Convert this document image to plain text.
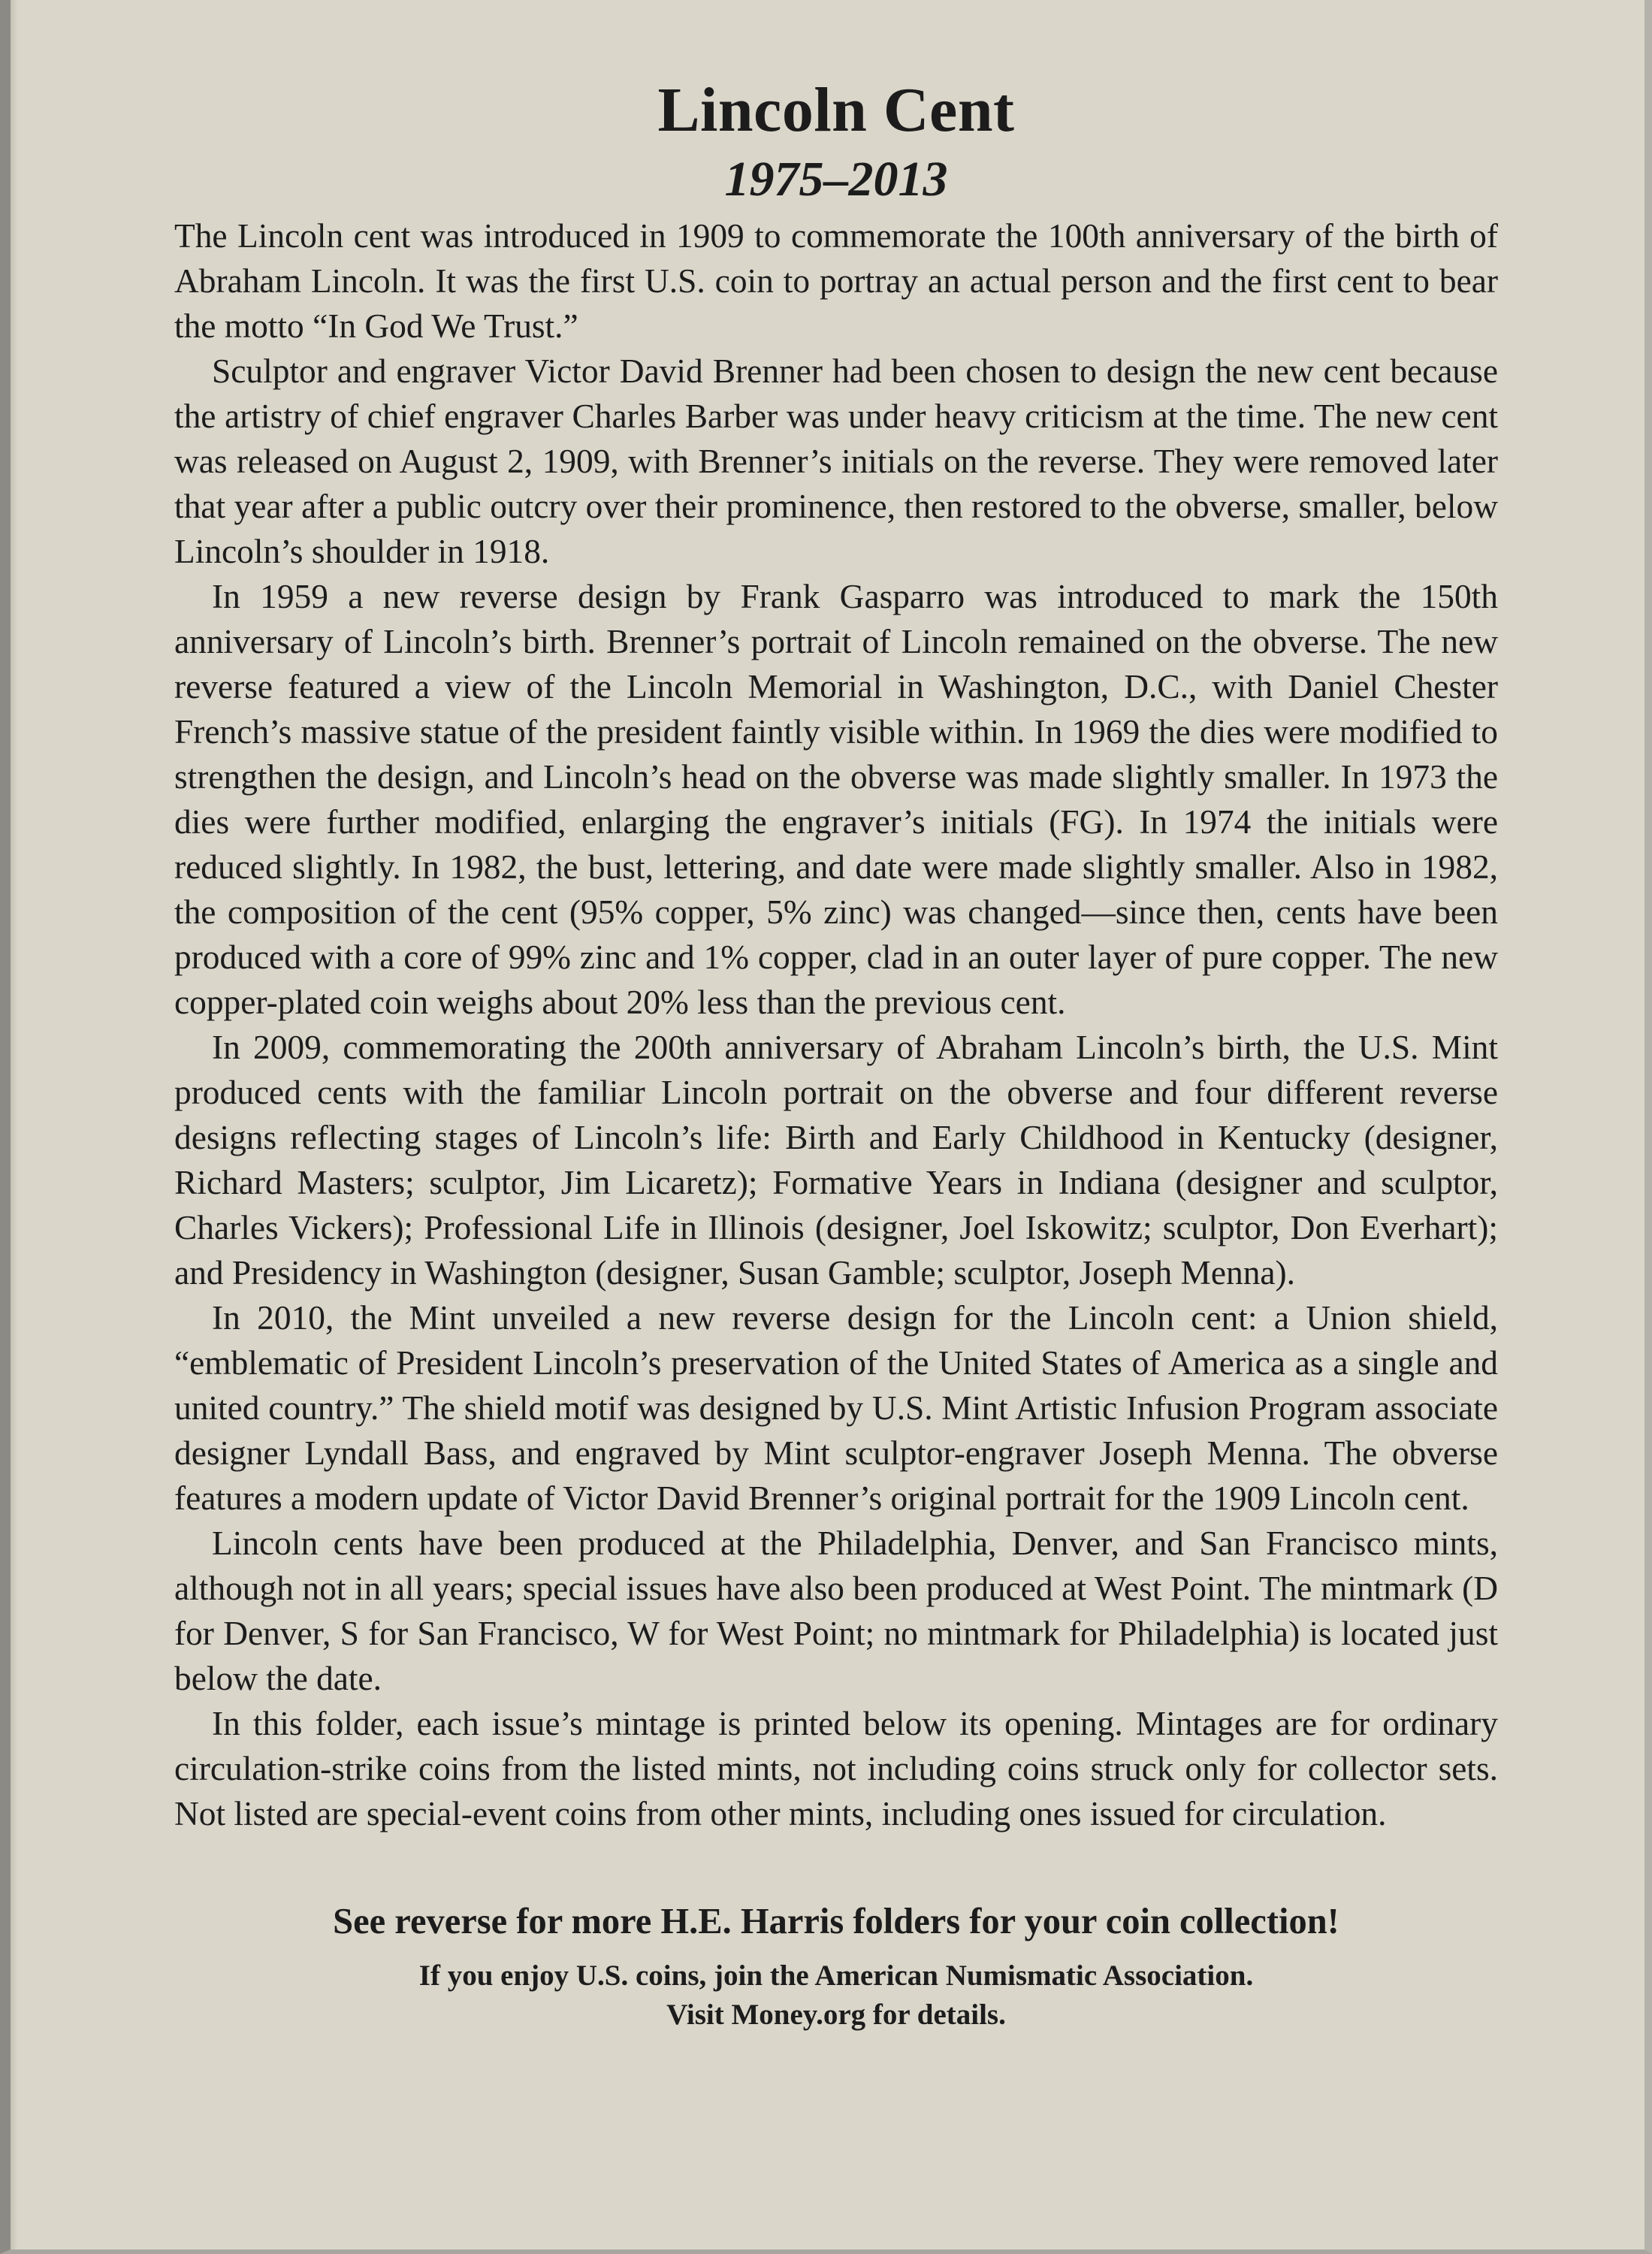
Lincoln Cent
1975–2013

The Lincoln cent was introduced in 1909 to commemorate the 100th anniversary of the birth of Abraham Lincoln. It was the first U.S. coin to portray an actual person and the first cent to bear the motto “In God We Trust.”

Sculptor and engraver Victor David Brenner had been chosen to design the new cent because the artistry of chief engraver Charles Barber was under heavy criticism at the time. The new cent was released on August 2, 1909, with Brenner’s initials on the reverse. They were removed later that year after a public outcry over their prominence, then restored to the obverse, smaller, below Lincoln’s shoulder in 1918.

In 1959 a new reverse design by Frank Gasparro was introduced to mark the 150th anniversary of Lincoln’s birth. Brenner’s portrait of Lincoln remained on the obverse. The new reverse featured a view of the Lincoln Memorial in Washington, D.C., with Daniel Chester French’s massive statue of the president faintly visible within. In 1969 the dies were modified to strengthen the design, and Lincoln’s head on the obverse was made slightly smaller. In 1973 the dies were further modified, enlarging the engraver’s initials (FG). In 1974 the initials were reduced slightly. In 1982, the bust, lettering, and date were made slightly smaller. Also in 1982, the composition of the cent (95% copper, 5% zinc) was changed—since then, cents have been produced with a core of 99% zinc and 1% copper, clad in an outer layer of pure copper. The new copper-plated coin weighs about 20% less than the previous cent.

In 2009, commemorating the 200th anniversary of Abraham Lincoln’s birth, the U.S. Mint produced cents with the familiar Lincoln portrait on the obverse and four different reverse designs reflecting stages of Lincoln’s life: Birth and Early Childhood in Kentucky (designer, Richard Masters; sculptor, Jim Licaretz); Formative Years in Indiana (designer and sculptor, Charles Vickers); Professional Life in Illinois (designer, Joel Iskowitz; sculptor, Don Everhart); and Presidency in Washington (designer, Susan Gamble; sculptor, Joseph Menna).

In 2010, the Mint unveiled a new reverse design for the Lincoln cent: a Union shield, “emblematic of President Lincoln’s preservation of the United States of America as a single and united country.” The shield motif was designed by U.S. Mint Artistic Infusion Program associate designer Lyndall Bass, and engraved by Mint sculptor-engraver Joseph Menna. The obverse features a modern update of Victor David Brenner’s original portrait for the 1909 Lincoln cent.

Lincoln cents have been produced at the Philadelphia, Denver, and San Francisco mints, although not in all years; special issues have also been produced at West Point. The mintmark (D for Denver, S for San Francisco, W for West Point; no mintmark for Philadelphia) is located just below the date.

In this folder, each issue’s mintage is printed below its opening. Mintages are for ordinary circulation-strike coins from the listed mints, not including coins struck only for collector sets. Not listed are special-event coins from other mints, including ones issued for circulation.

See reverse for more H.E. Harris folders for your coin collection!

If you enjoy U.S. coins, join the American Numismatic Association.

Visit Money.org for details.
